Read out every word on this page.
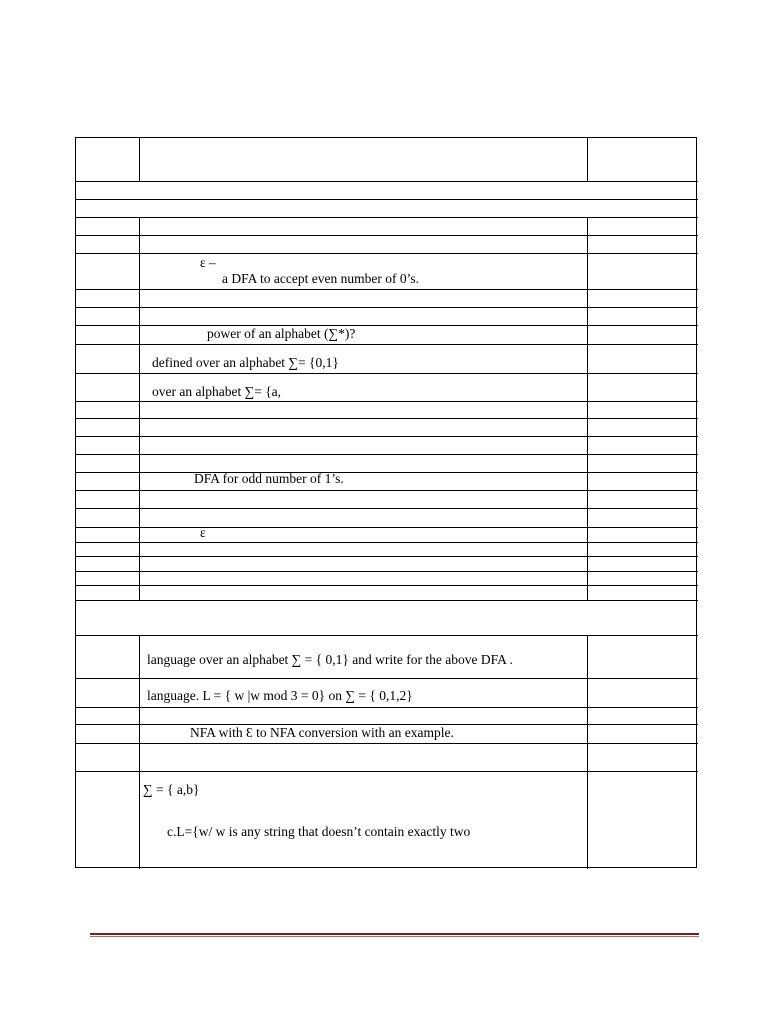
ε –
a DFA to accept even number of 0’s.
power of an alphabet (∑*)?
defined over an alphabet ∑= {0,1}
over an alphabet ∑= {a,
DFA for odd number of 1’s.
ε
language over an alphabet ∑ = { 0,1} and write for the above DFA .
language. L = { w |w mod 3 = 0} on ∑ = { 0,1,2}
NFA with Ɛ to NFA conversion with an example.
∑ = { a,b}
c.L={w/ w is any string that doesn’t contain exactly two
